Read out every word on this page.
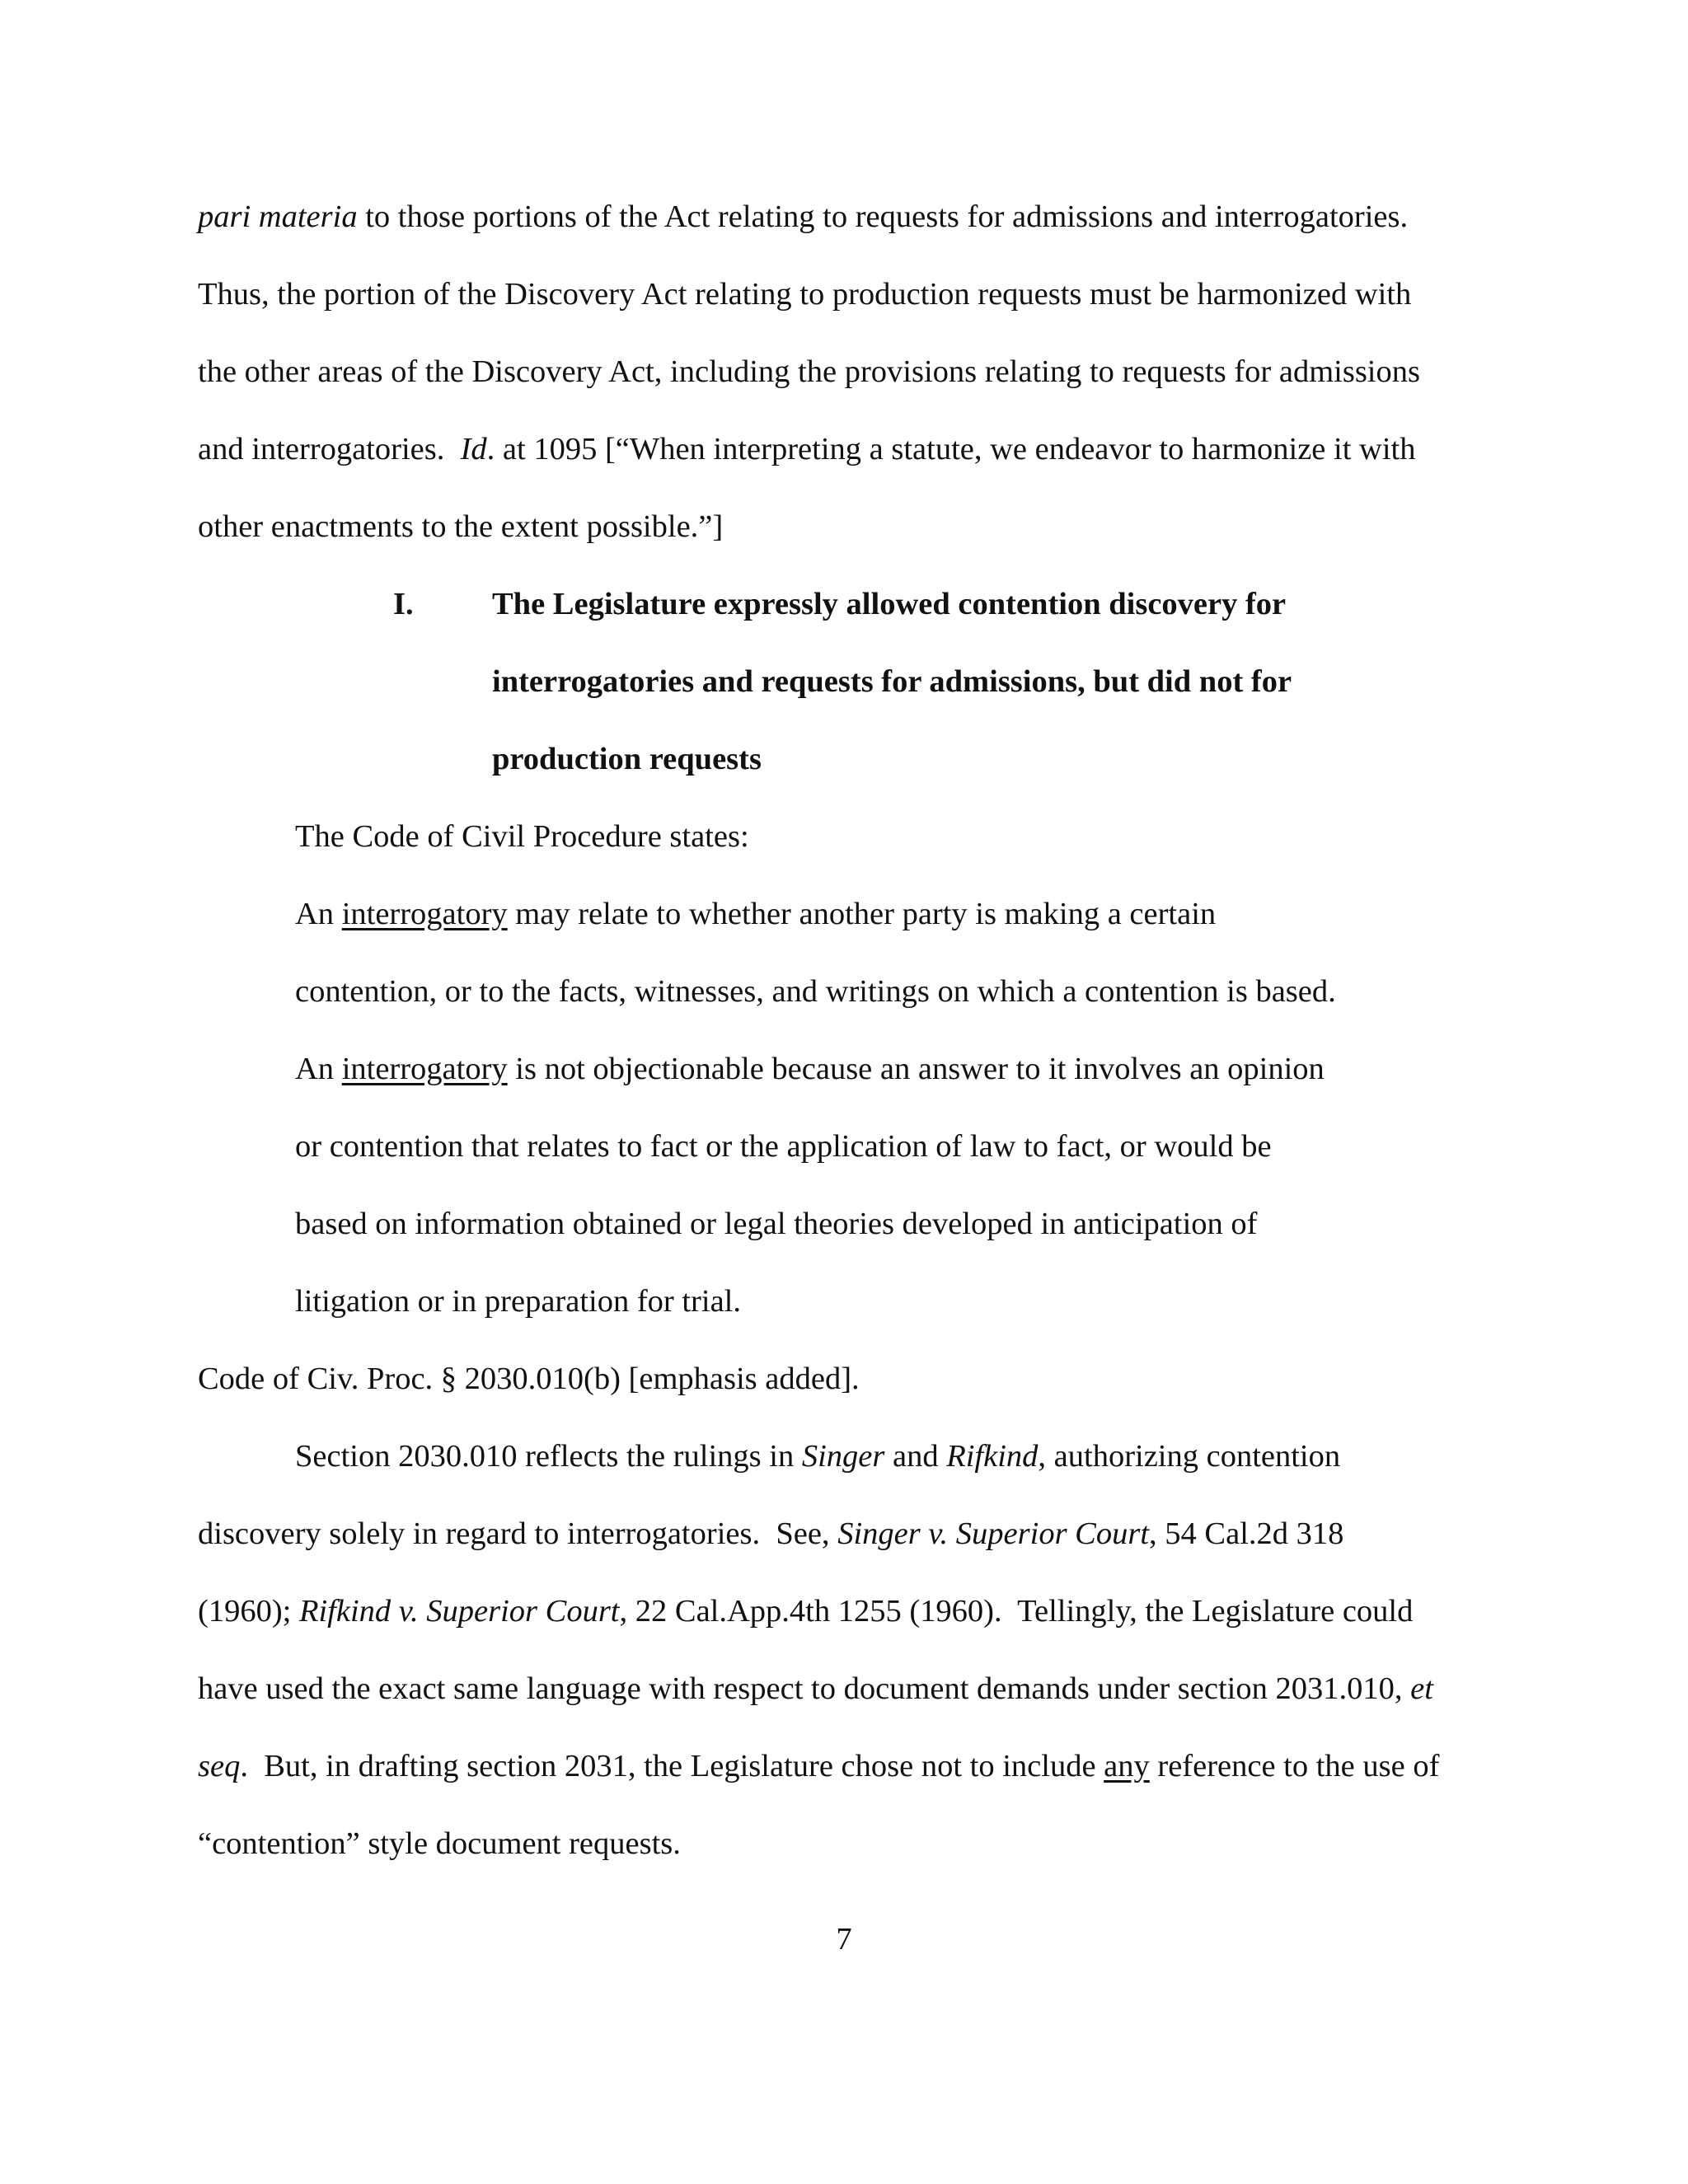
pari materia to those portions of the Act relating to requests for admissions and interrogatories.
Thus, the portion of the Discovery Act relating to production requests must be harmonized with
the other areas of the Discovery Act, including the provisions relating to requests for admissions
and interrogatories.  Id. at 1095 [“When interpreting a statute, we endeavor to harmonize it with
other enactments to the extent possible.”]
I. The Legislature expressly allowed contention discovery for
interrogatories and requests for admissions, but did not for
production requests
The Code of Civil Procedure states:
An interrogatory may relate to whether another party is making a certain
contention, or to the facts, witnesses, and writings on which a contention is based.
An interrogatory is not objectionable because an answer to it involves an opinion
or contention that relates to fact or the application of law to fact, or would be
based on information obtained or legal theories developed in anticipation of
litigation or in preparation for trial.
Code of Civ. Proc. § 2030.010(b) [emphasis added].
Section 2030.010 reflects the rulings in Singer and Rifkind, authorizing contention
discovery solely in regard to interrogatories.  See, Singer v. Superior Court, 54 Cal.2d 318
(1960); Rifkind v. Superior Court, 22 Cal.App.4th 1255 (1960).  Tellingly, the Legislature could
have used the exact same language with respect to document demands under section 2031.010, et
seq.  But, in drafting section 2031, the Legislature chose not to include any reference to the use of
“contention” style document requests.
7
